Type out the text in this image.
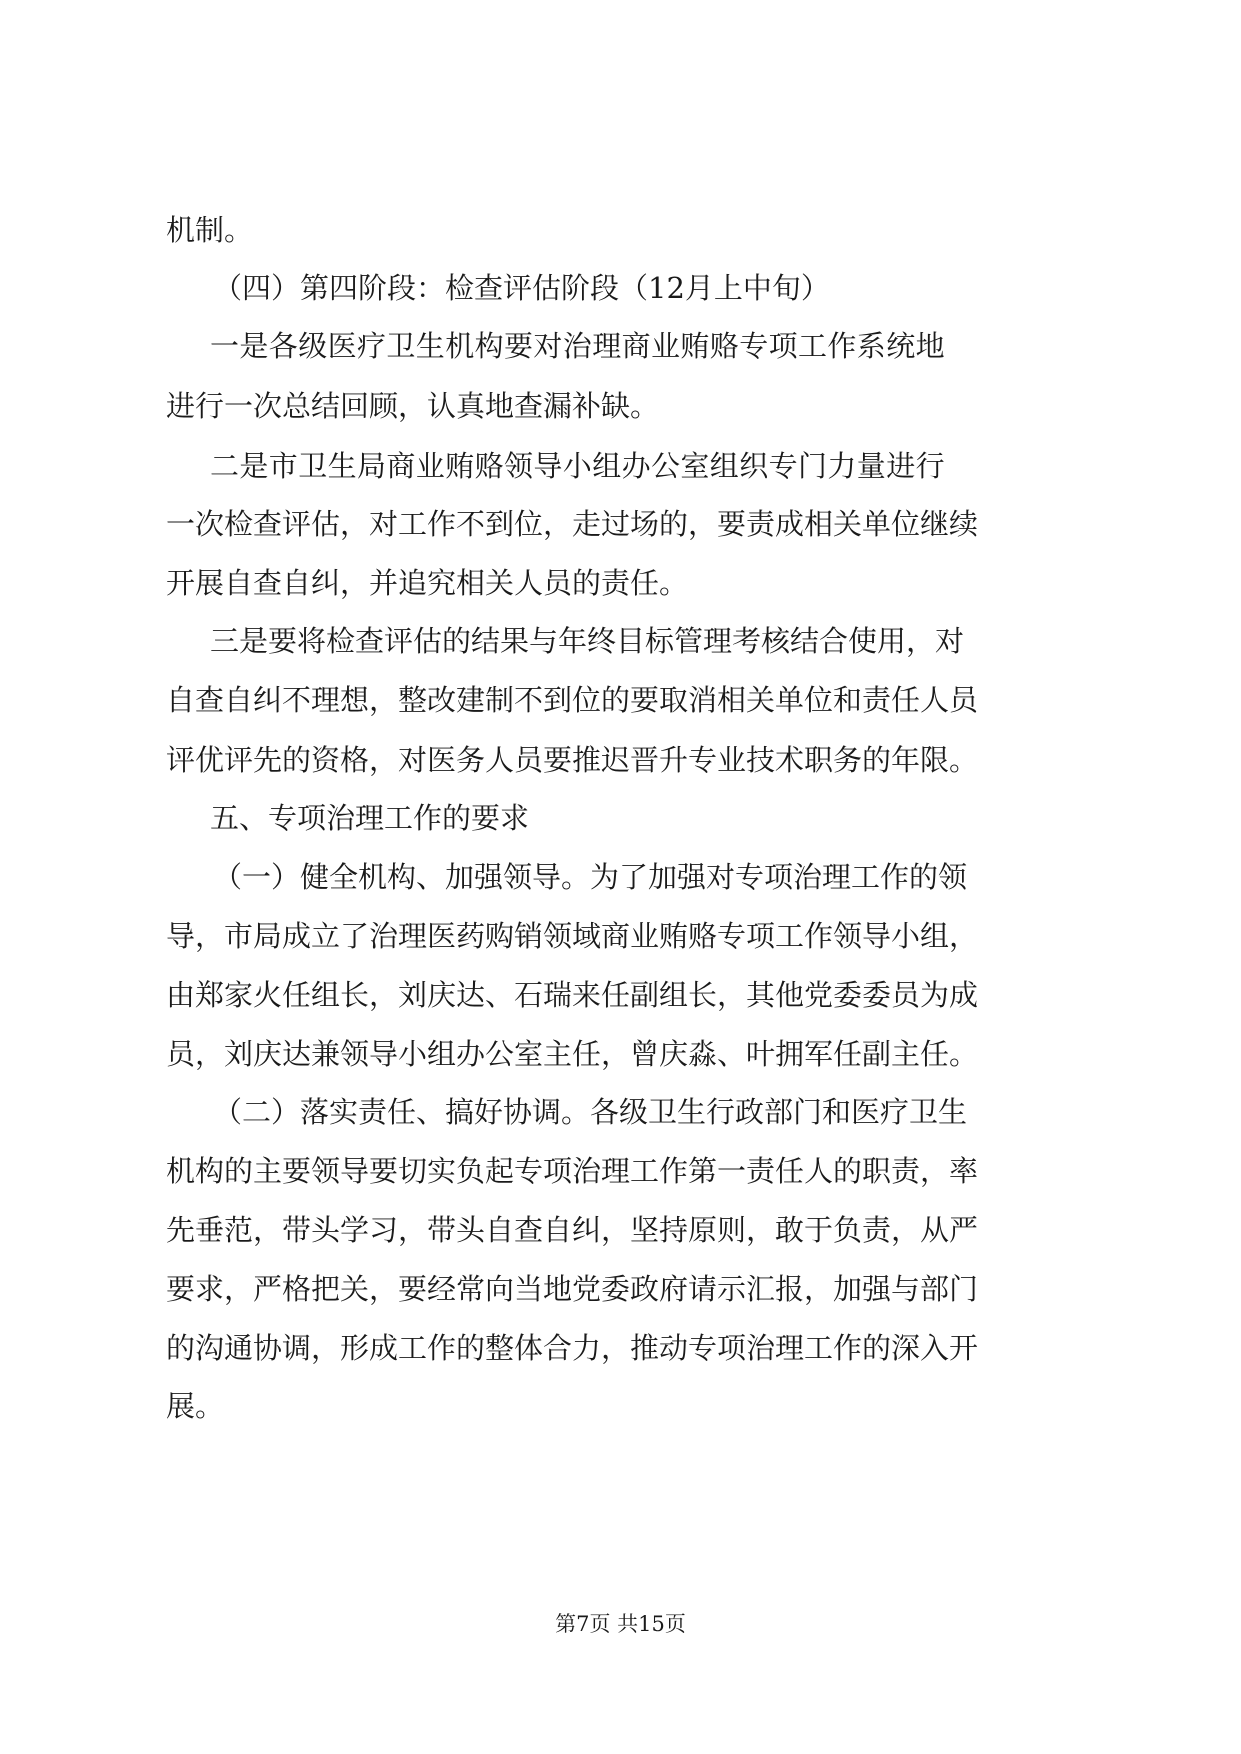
机制。
（四）第四阶段：检查评估阶段（12月上中旬）
一是各级医疗卫生机构要对治理商业贿赂专项工作系统地
进行一次总结回顾，认真地查漏补缺。
二是市卫生局商业贿赂领导小组办公室组织专门力量进行
一次检查评估，对工作不到位，走过场的，要责成相关单位继续
开展自查自纠，并追究相关人员的责任。
三是要将检查评估的结果与年终目标管理考核结合使用，对
自查自纠不理想，整改建制不到位的要取消相关单位和责任人员
评优评先的资格，对医务人员要推迟晋升专业技术职务的年限。
五、专项治理工作的要求
（一）健全机构、加强领导。为了加强对专项治理工作的领
导，市局成立了治理医药购销领域商业贿赂专项工作领导小组，
由郑家火任组长，刘庆达、石瑞来任副组长，其他党委委员为成
员，刘庆达兼领导小组办公室主任，曾庆淼、叶拥军任副主任。
（二）落实责任、搞好协调。各级卫生行政部门和医疗卫生
机构的主要领导要切实负起专项治理工作第一责任人的职责，率
先垂范，带头学习，带头自查自纠，坚持原则，敢于负责，从严
要求，严格把关，要经常向当地党委政府请示汇报，加强与部门
的沟通协调，形成工作的整体合力，推动专项治理工作的深入开
展。
第7页 共15页
